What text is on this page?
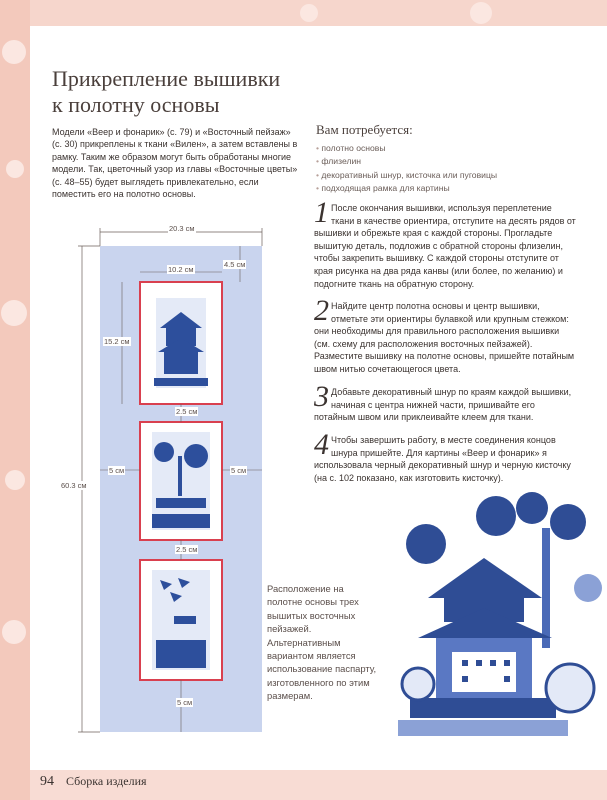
Прикрепление вышивки
к полотну основы

Модели «Веер и фонарик» (с. 79) и «Восточный пейзаж» (с. 30) прикреплены к ткани «Вилен», а затем вставлены в рамку. Таким же образом могут быть обработаны многие модели. Так, цветочный узор из главы «Восточные цветы» (с. 48–55) будет выглядеть привлекательно, если поместить его на полотно основы.

Вам потребуется:

• полотно основы
• флизелин
• декоративный шнур, кисточка или пуговицы
• подходящая рамка для картины
1 После окончания вышивки, используя переплетение ткани в качестве ориентира, отступите на десять рядов от вышивки и обрежьте края с каждой стороны. Прогладьте вышитую деталь, подложив с обратной стороны флизелин, чтобы закрепить вышивку. С каждой стороны отступите от края рисунка на два ряда канвы (или более, по желанию) и подогните ткань на обратную сторону.
2 Найдите центр полотна основы и центр вышивки, отметьте эти ориентиры булавкой или крупным стежком: они необходимы для правильного расположения вышивки (см. схему для расположения восточных пейзажей). Разместите вышивку на полотне основы, пришейте потайным швом нитью сочетающегося цвета.
3 Добавьте декоративный шнур по краям каждой вышивки, начиная с центра нижней части, пришивайте его потайным швом или приклеивайте клеем для ткани.
4 Чтобы завершить работу, в месте соединения концов шнура пришейте. Для картины «Веер и фонарик» я использовала черный декоративный шнур и черную кисточку (на с. 102 показано, как изготовить кисточку).
20.3 см
10.2 см
4.5 см
15.2 см
2.5 см
2.5 см
5 см	5 см
60.3 см
5 см

Расположение на полотне основы трех вышитых восточных пейзажей. Альтернативным вариантом является использование паспарту, изготовленного по этим размерам.

94 Сборка изделия
